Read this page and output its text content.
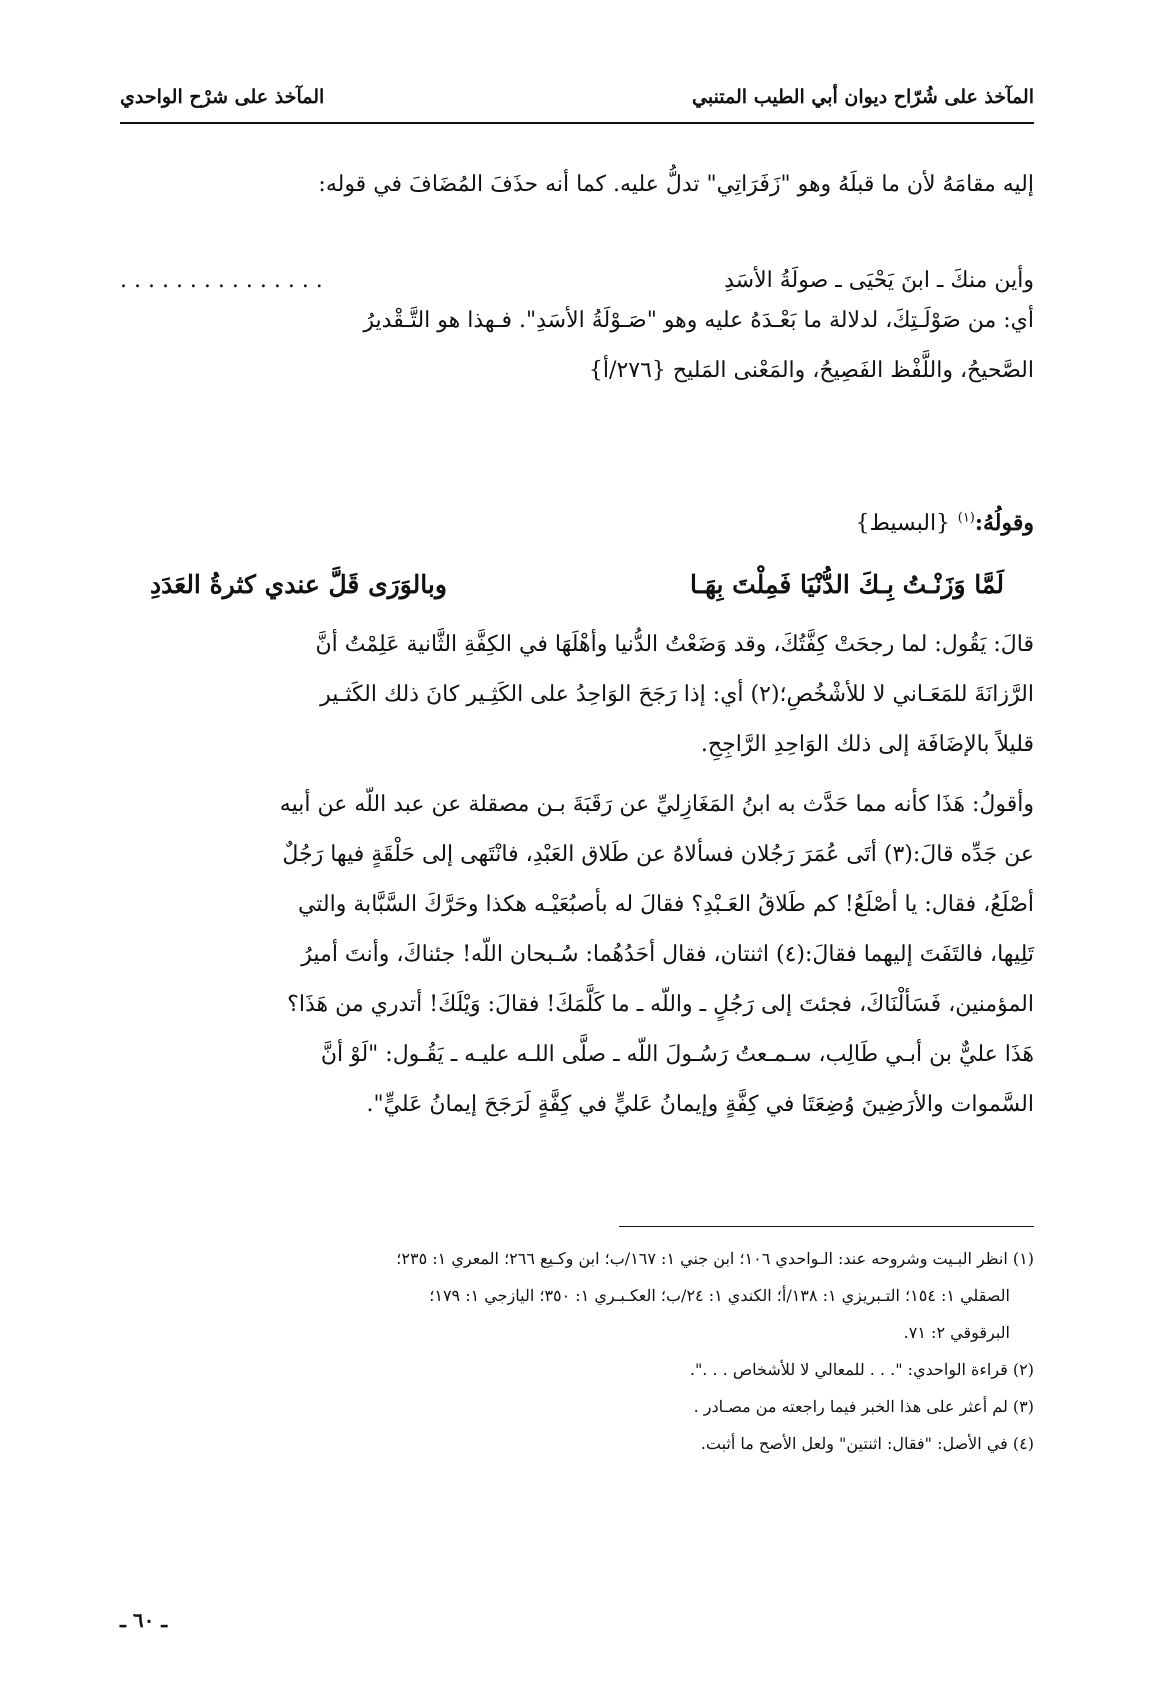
المآخذ على شُرّاح ديوان أبي الطيب المتنبي
المآخذ على شرْح الواحدي
إليه مقامَهُ لأن ما قبلَهُ وهو "زَفَرَاتِي" تدلُّ عليه. كما أنه حذَفَ المُضَافَ في قوله:
وأين منكَ ـ ابنَ يَحْيَى ـ صولَةُ الأسَدِ
. . . . . . . . . . . . . . .
أي: من صَوْلَـتِكَ، لدلالة ما بَعْـدَهُ عليه وهو "صَـوْلَةُ الأسَدِ". فـهذا هو التَّـقْديرُ
الصَّحيحُ، واللَّفْظ الفَصِيحُ، والمَعْنى المَليح {٢٧٦/أ}
وقولُهُ:$^{(١)}$ {البسيط}
لَمَّا وَزَنْـتُ بِـكَ الدُّنْيَا فَمِلْتَ بِهَـا
وبالوَرَى قَلَّ عندي كثرةُ العَدَدِ
قالَ: يَقُول: لما رجحَتْ كِفَّتُكَ، وقد وَضَعْتُ الدُّنيا وأهْلَهَا في الكِفَّةِ الثَّانية عَلِمْتُ أنَّ
الرَّزانَةَ للمَعَـاني لا للأشْخُصِ؛(٢) أي: إذا رَجَحَ الوَاحِدُ على الكَثِـير كانَ ذلك الكَثـير
قليلاً بالإضَافَة إلى ذلك الوَاحِدِ الرَّاجِحِ.
وأقولُ: هَذَا كأنه مما حَدَّث به ابنُ المَغَازِليِّ عن رَقَبَةَ بـن مصقلة عن عبد اللّه عن أبيه
عن جَدِّه قالَ:(٣) أتَى عُمَرَ رَجُلان فسألاهُ عن طَلاق العَبْدِ، فانْتَهى إلى حَلْقَةٍ فيها رَجُلٌ
أصْلَعُ، فقال: يا أصْلَعُ! كم طَلاقُ العَـبْدِ؟ فقالَ له بأصبُعَيْـه هكذا وحَرَّكَ السَّبَّابة والتي
تَلِيها، فالتَفَتَ إليهما فقالَ:(٤) اثنتان، فقال أحَدُهُما: سُـبحان اللّه! جئناكَ، وأنتَ أميرُ
المؤمنين، فَسَألْنَاكَ، فجئتَ إلى رَجُلٍ ـ واللّه ـ ما كَلَّمَكَ! فقالَ: وَيْلَكَ! أتدري من هَذَا؟
هَذَا عليٌّ بن أبـي طَالِب، سـمـعتُ رَسُـولَ اللّه ـ صلَّى اللـه عليـه ـ يَقُـول: "لَوْ أنَّ
السَّموات والأرَضِينَ وُضِعَتَا في كِفَّةٍ وإيمانُ عَليٍّ في كِفَّةٍ لَرَجَحَ إيمانُ عَليٍّ".

(١) انظر البـيت وشروحه عند: الـواحدي ١٠٦؛ ابن جني ١: ١٦٧/ب؛ ابن وكـيع ٢٦٦؛ المعري ١: ٢٣٥؛

الصقلي ١: ١٥٤؛ التـبريزي ١: ١٣٨/أ؛ الكندي ١: ٢٤/ب؛ العكـبـري ١: ٣٥٠؛ اليازجي ١: ١٧٩؛

البرقوقي ٢: ٧١.

(٢) قراءة الواحدي: ". . . للمعالي لا للأشخاص . . .".

(٣) لم أعثر على هذا الخبر فيما راجعته من مصـادر .

(٤) في الأصل: "فقال: اثنتين" ولعل الأصح ما أثبت.

ـ ٦٠ ـ
